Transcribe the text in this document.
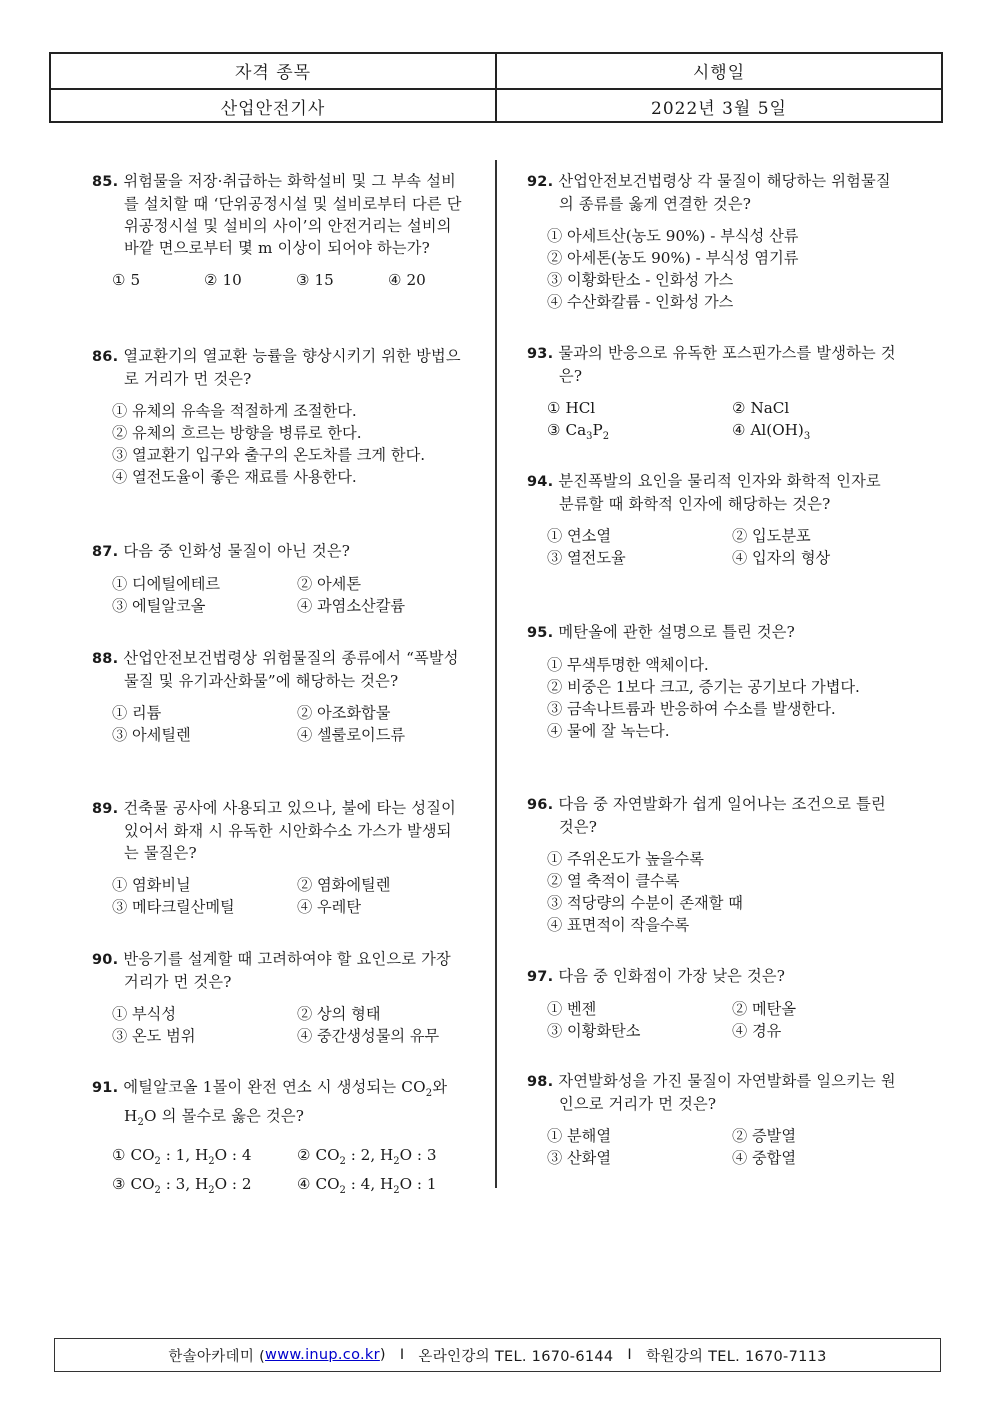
자격 종목	시행일
산업안전기사	2022년 3월 5일
85. 위험물을 저장·취급하는 화학설비 및 그 부속 설비를 설치할 때 ‘단위공정시설 및 설비로부터 다른 단위공정시설 및 설비의 사이’의 안전거리는 설비의 바깥 면으로부터 몇 m 이상이 되어야 하는가?
① 5	② 10	③ 15	④ 20
86. 열교환기의 열교환 능률을 향상시키기 위한 방법으로 거리가 먼 것은?
① 유체의 유속을 적절하게 조절한다.
② 유체의 흐르는 방향을 병류로 한다.
③ 열교환기 입구와 출구의 온도차를 크게 한다.
④ 열전도율이 좋은 재료를 사용한다.
87. 다음 중 인화성 물질이 아닌 것은?
① 디에틸에테르	② 아세톤
③ 에틸알코올	④ 과염소산칼륨
88. 산업안전보건법령상 위험물질의 종류에서 “폭발성 물질 및 유기과산화물”에 해당하는 것은?
① 리튬	② 아조화합물
③ 아세틸렌	④ 셀룰로이드류
89. 건축물 공사에 사용되고 있으나, 불에 타는 성질이 있어서 화재 시 유독한 시안화수소 가스가 발생되는 물질은?
① 염화비닐	② 염화에틸렌
③ 메타크릴산메틸	④ 우레탄
90. 반응기를 설계할 때 고려하여야 할 요인으로 가장 거리가 먼 것은?
① 부식성	② 상의 형태
③ 온도 범위	④ 중간생성물의 유무
91. 에틸알코올 1몰이 완전 연소 시 생성되는 $CO_2$와 $H_2O$ 의 몰수로 옳은 것은?
① $CO_2$ : 1, $H_2O$ : 4	② $CO_2$ : 2, $H_2O$ : 3
③ $CO_2$ : 3, $H_2O$ : 2	④ $CO_2$ : 4, $H_2O$ : 1
92. 산업안전보건법령상 각 물질이 해당하는 위험물질의 종류를 옳게 연결한 것은?
① 아세트산(농도 90%) - 부식성 산류
② 아세톤(농도 90%) - 부식성 염기류
③ 이황화탄소 - 인화성 가스
④ 수산화칼륨 - 인화성 가스
93. 물과의 반응으로 유독한 포스핀가스를 발생하는 것은?
① HCl	② NaCl
③ $Ca_3P_2$	④ $Al(OH)_3$
94. 분진폭발의 요인을 물리적 인자와 화학적 인자로 분류할 때 화학적 인자에 해당하는 것은?
① 연소열	② 입도분포
③ 열전도율	④ 입자의 형상
95. 메탄올에 관한 설명으로 틀린 것은?
① 무색투명한 액체이다.
② 비중은 1보다 크고, 증기는 공기보다 가볍다.
③ 금속나트륨과 반응하여 수소를 발생한다.
④ 물에 잘 녹는다.
96. 다음 중 자연발화가 쉽게 일어나는 조건으로 틀린 것은?
① 주위온도가 높을수록
② 열 축적이 클수록
③ 적당량의 수분이 존재할 때
④ 표면적이 작을수록
97. 다음 중 인화점이 가장 낮은 것은?
① 벤젠	② 메탄올
③ 이황화탄소	④ 경유
98. 자연발화성을 가진 물질이 자연발화를 일으키는 원인으로 거리가 먼 것은?
① 분해열	② 증발열
③ 산화열	④ 중합열
한솔아카데미 ( www.inup.co.kr ) I 온라인강의 TEL. 1670-6144 I 학원강의 TEL. 1670-7113
